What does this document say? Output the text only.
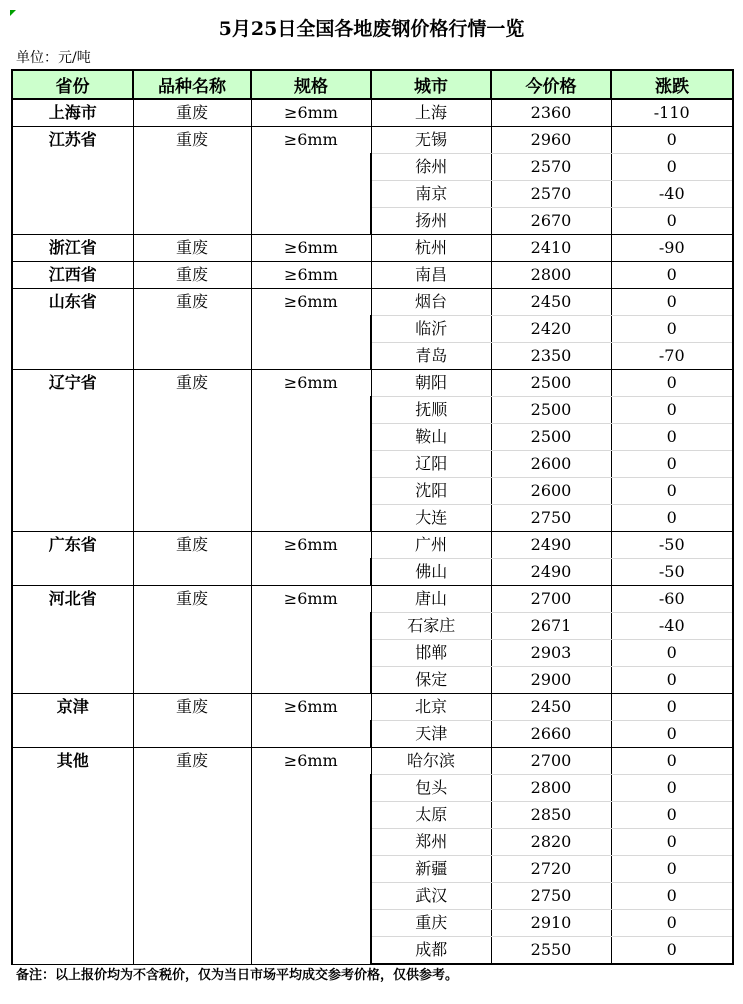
5月25日全国各地废钢价格行情一览
单位：元/吨
省份	品种名称	规格	城市	今价格	涨跌
上海市	重废	≥6mm	上海	2360	-110
江苏省	重废	≥6mm	无锡	2960	0
			徐州	2570	0
			南京	2570	-40
			扬州	2670	0
浙江省	重废	≥6mm	杭州	2410	-90
江西省	重废	≥6mm	南昌	2800	0
山东省	重废	≥6mm	烟台	2450	0
			临沂	2420	0
			青岛	2350	-70
辽宁省	重废	≥6mm	朝阳	2500	0
			抚顺	2500	0
			鞍山	2500	0
			辽阳	2600	0
			沈阳	2600	0
			大连	2750	0
广东省	重废	≥6mm	广州	2490	-50
			佛山	2490	-50
河北省	重废	≥6mm	唐山	2700	-60
			石家庄	2671	-40
			邯郸	2903	0
			保定	2900	0
京津	重废	≥6mm	北京	2450	0
			天津	2660	0
其他	重废	≥6mm	哈尔滨	2700	0
			包头	2800	0
			太原	2850	0
			郑州	2820	0
			新疆	2720	0
			武汉	2750	0
			重庆	2910	0
			成都	2550	0
备注：以上报价均为不含税价，仅为当日市场平均成交参考价格，仅供参考。
